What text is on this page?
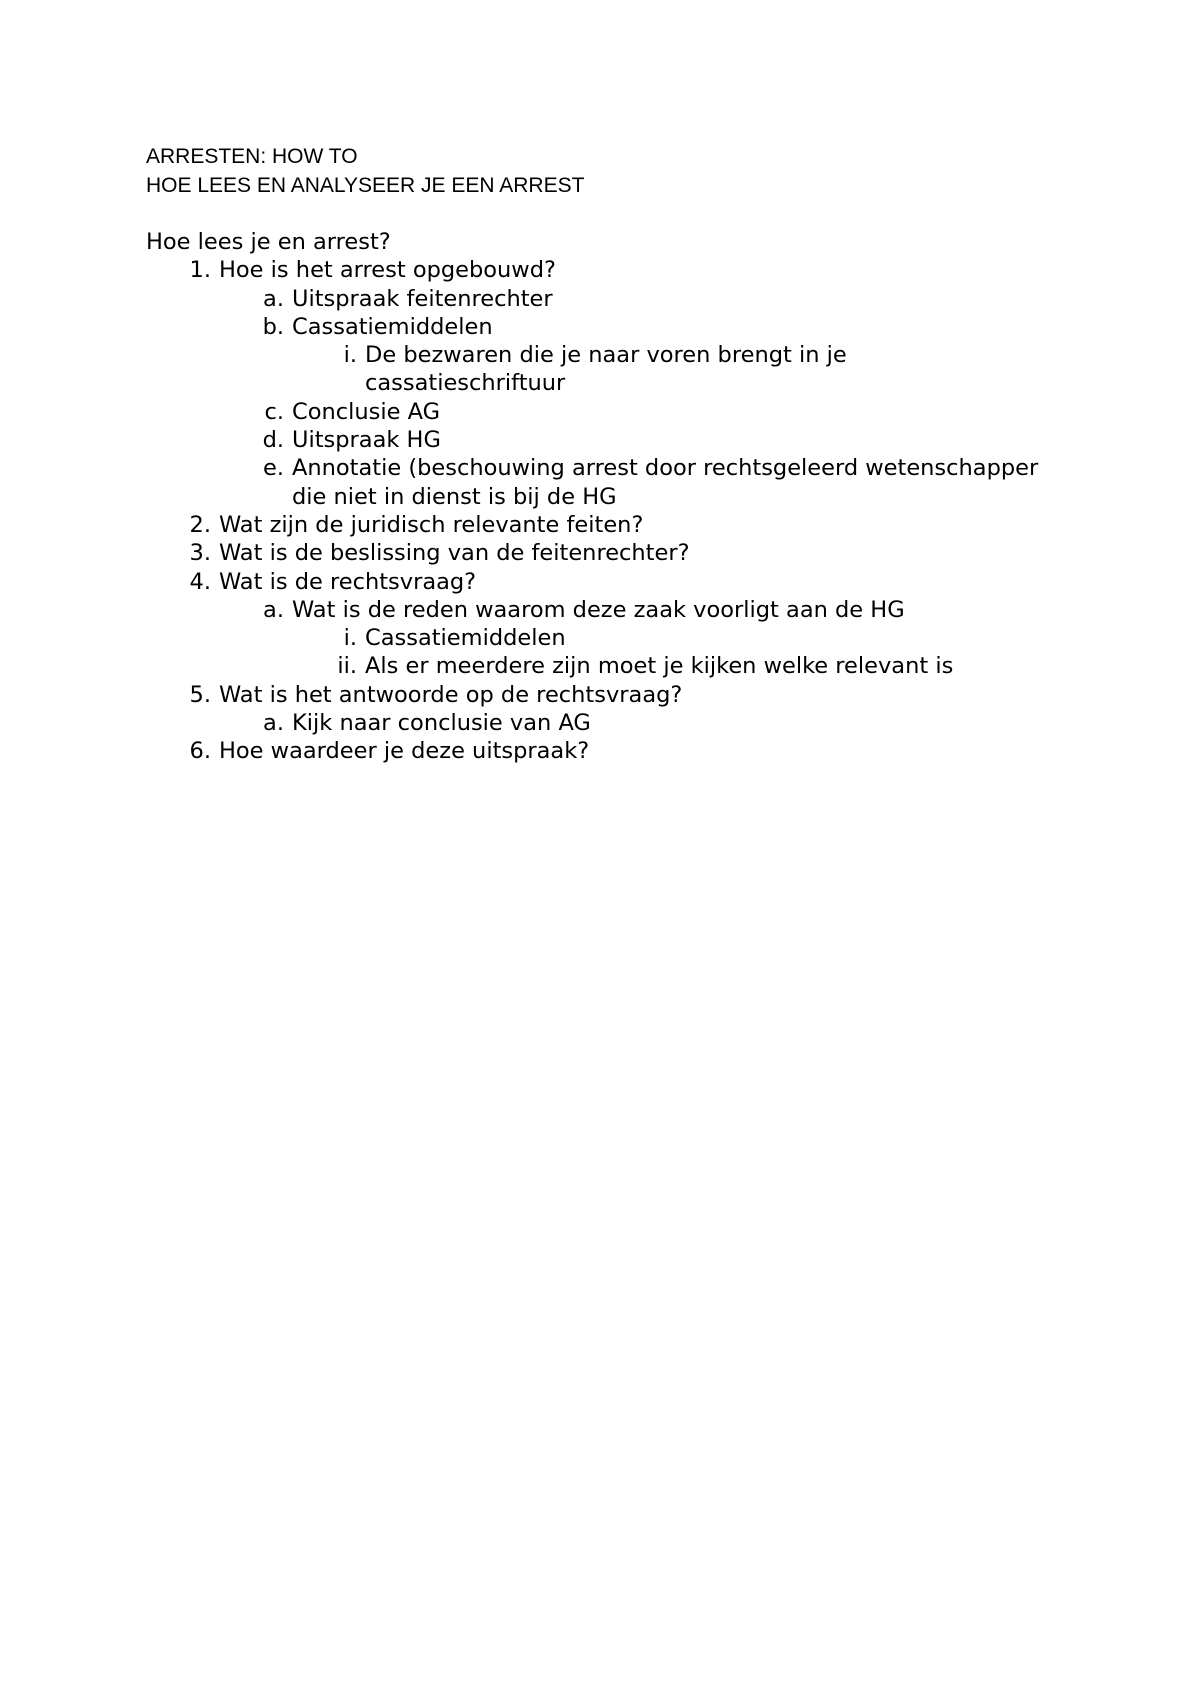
ARRESTEN: HOW TO
HOE LEES EN ANALYSEER JE EEN ARREST
Hoe lees je en arrest?
1. Hoe is het arrest opgebouwd?
a. Uitspraak feitenrechter
b. Cassatiemiddelen
i. De bezwaren die je naar voren brengt in je cassatieschriftuur
c. Conclusie AG
d. Uitspraak HG
e. Annotatie (beschouwing arrest door rechtsgeleerd wetenschapper die niet in dienst is bij de HG
2. Wat zijn de juridisch relevante feiten?
3. Wat is de beslissing van de feitenrechter?
4. Wat is de rechtsvraag?
a. Wat is de reden waarom deze zaak voorligt aan de HG
i. Cassatiemiddelen
ii. Als er meerdere zijn moet je kijken welke relevant is
5. Wat is het antwoorde op de rechtsvraag?
a. Kijk naar conclusie van AG
6. Hoe waardeer je deze uitspraak?
